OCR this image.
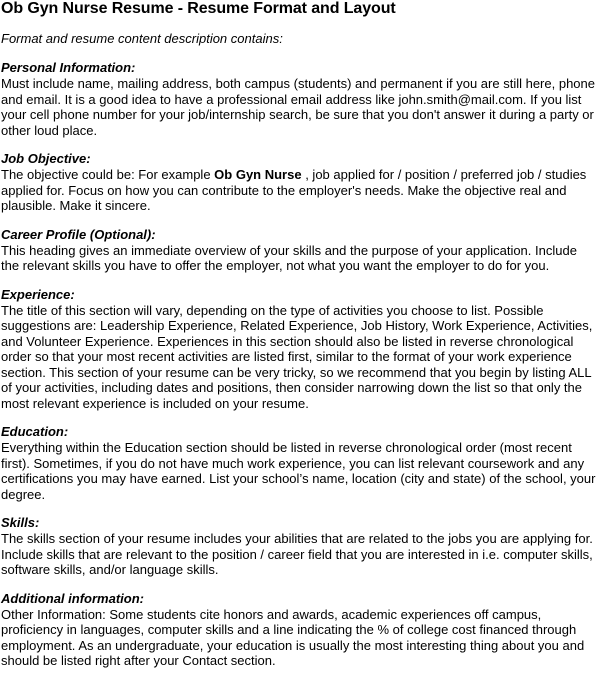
Ob Gyn Nurse Resume - Resume Format and Layout

Format and resume content description contains:

Personal Information:

Must include name, mailing address, both campus (students) and permanent if you are still here, phone and email. It is a good idea to have a professional email address like john.smith@mail.com. If you list your cell phone number for your job/internship search, be sure that you don't answer it during a party or other loud place.

Job Objective:

The objective could be: For example Ob Gyn Nurse , job applied for / position / preferred job / studies applied for. Focus on how you can contribute to the employer's needs. Make the objective real and plausible. Make it sincere.

Career Profile (Optional):

This heading gives an immediate overview of your skills and the purpose of your application. Include the relevant skills you have to offer the employer, not what you want the employer to do for you.

Experience:

The title of this section will vary, depending on the type of activities you choose to list. Possible suggestions are: Leadership Experience, Related Experience, Job History, Work Experience, Activities, and Volunteer Experience. Experiences in this section should also be listed in reverse chronological order so that your most recent activities are listed first, similar to the format of your work experience section. This section of your resume can be very tricky, so we recommend that you begin by listing ALL of your activities, including dates and positions, then consider narrowing down the list so that only the most relevant experience is included on your resume.

Education:

Everything within the Education section should be listed in reverse chronological order (most recent first). Sometimes, if you do not have much work experience, you can list relevant coursework and any certifications you may have earned. List your school’s name, location (city and state) of the school, your degree.

Skills:

The skills section of your resume includes your abilities that are related to the jobs you are applying for. Include skills that are relevant to the position / career field that you are interested in i.e. computer skills, software skills, and/or language skills.

Additional information:

Other Information: Some students cite honors and awards, academic experiences off campus, proficiency in languages, computer skills and a line indicating the % of college cost financed through employment. As an undergraduate, your education is usually the most interesting thing about you and should be listed right after your Contact section.
